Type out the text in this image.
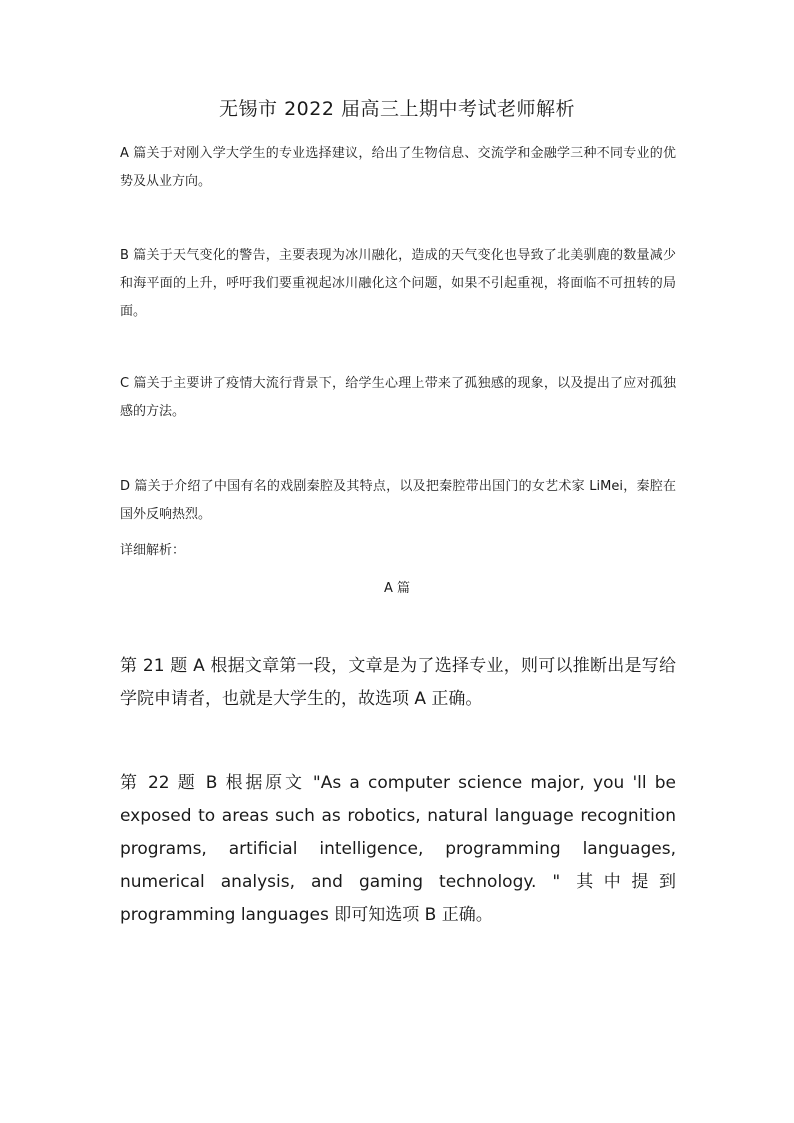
无锡市 2022 届高三上期中考试老师解析

A 篇关于对刚入学大学生的专业选择建议，给出了生物信息、交流学和金融学三种不同专业的优势及从业方向。

B 篇关于天气变化的警告，主要表现为冰川融化，造成的天气变化也导致了北美驯鹿的数量减少和海平面的上升，呼吁我们要重视起冰川融化这个问题，如果不引起重视，将面临不可扭转的局面。

C 篇关于主要讲了疫情大流行背景下，给学生心理上带来了孤独感的现象，以及提出了应对孤独感的方法。

D 篇关于介绍了中国有名的戏剧秦腔及其特点，以及把秦腔带出国门的女艺术家 LiMei，秦腔在国外反响热烈。

详细解析：

A 篇

第 21 题 A 根据文章第一段，文章是为了选择专业，则可以推断出是写给学院申请者，也就是大学生的，故选项 A 正确。

第 22 题 B 根据原文 "As a computer science major, you 'll be exposed to areas such as robotics, natural language recognition programs, artificial intelligence, programming languages, numerical analysis, and gaming technology. " 其中提到 programming languages 即可知选项 B 正确。
